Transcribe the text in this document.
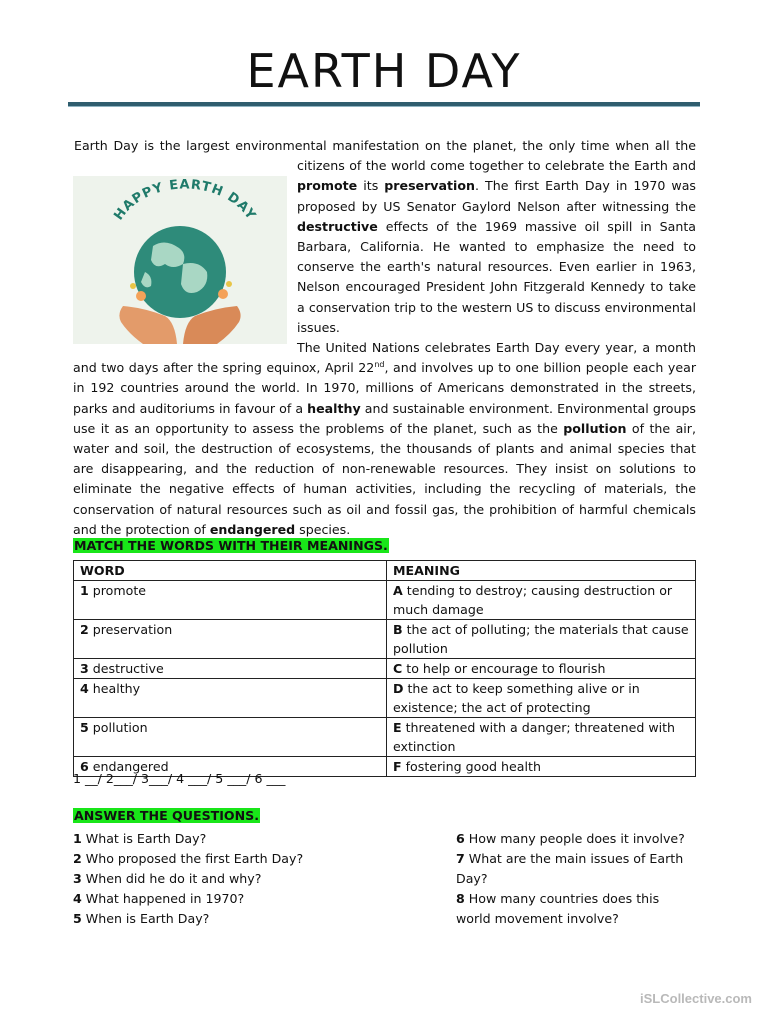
EARTH DAY
HAPPY EARTH DAY

Earth Day is the largest environmental manifestation on the planet, the only time when all the citizens of the world come together to celebrate the Earth and promote its preservation. The first Earth Day in 1970 was proposed by US Senator Gaylord Nelson after witnessing the destructive effects of the 1969 massive oil spill in Santa Barbara, California. He wanted to emphasize the need to conserve the earth's natural resources. Even earlier in 1963, Nelson encouraged President John Fitzgerald Kennedy to take a conservation trip to the western US to discuss environmental issues.

The United Nations celebrates Earth Day every year, a month and two days after the spring equinox, April 22nd, and involves up to one billion people each year in 192 countries around the world. In 1970, millions of Americans demonstrated in the streets, parks and auditoriums in favour of a healthy and sustainable environment. Environmental groups use it as an opportunity to assess the problems of the planet, such as the pollution of the air, water and soil, the destruction of ecosystems, the thousands of plants and animal species that are disappearing, and the reduction of non-renewable resources. They insist on solutions to eliminate the negative effects of human activities, including the recycling of materials, the conservation of natural resources such as oil and fossil gas, the prohibition of harmful chemicals and the protection of endangered species.

MATCH THE WORDS WITH THEIR MEANINGS.
WORD	MEANING
1 promote	A tending to destroy; causing destruction or much damage
2 preservation	B the act of polluting; the materials that cause pollution
3 destructive	C to help or encourage to flourish
4 healthy	D the act to keep something alive or in existence; the act of protecting
5 pollution	E threatened with a danger; threatened with extinction
6 endangered	F fostering good health
1 __/ 2___/ 3___/ 4 ___/ 5 ___/ 6 ___
ANSWER THE QUESTIONS.
1 What is Earth Day?
2 Who proposed the first Earth Day?
3 When did he do it and why?
4 What happened in 1970?
5 When is Earth Day?
6 How many people does it involve?
7 What are the main issues of Earth Day?
8 How many countries does this world movement involve?
iSLCollective.com
